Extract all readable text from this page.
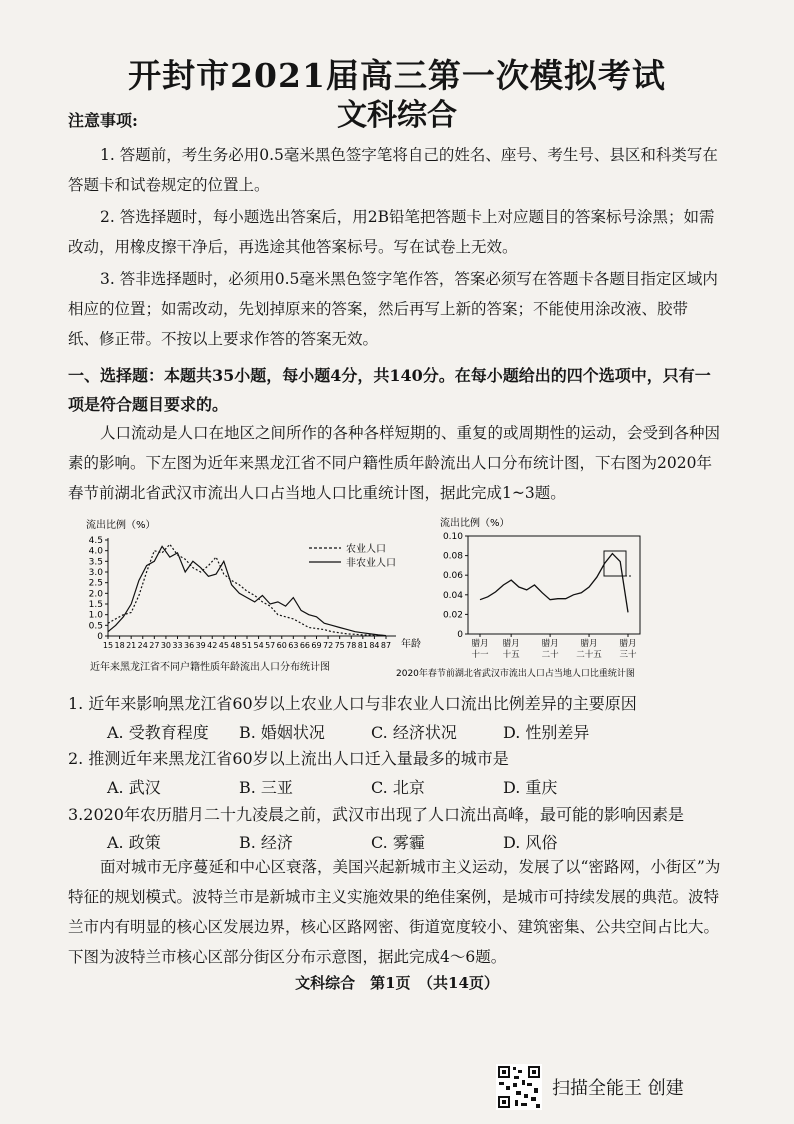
开封市2021届高三第一次模拟考试
文科综合
注意事项:

1. 答题前，考生务必用0.5毫米黑色签字笔将自己的姓名、座号、考生号、县区和科类写在答题卡和试卷规定的位置上。

2. 答选择题时，每小题选出答案后，用2B铅笔把答题卡上对应题目的答案标号涂黑；如需改动，用橡皮擦干净后，再选途其他答案标号。写在试卷上无效。

3. 答非选择题时，必须用0.5毫米黑色签字笔作答，答案必须写在答题卡各题目指定区域内相应的位置；如需改动，先划掉原来的答案，然后再写上新的答案；不能使用涂改液、胶带纸、修正带。不按以上要求作答的答案无效。

一、选择题：本题共35小题，每小题4分，共140分。在每小题给出的四个选项中，只有一项是符合题目要求的。

人口流动是人口在地区之间所作的各种各样短期的、重复的或周期性的运动，会受到各种因素的影响。下左图为近年来黑龙江省不同户籍性质年龄流出人口分布统计图，下右图为2020年春节前湖北省武汉市流出人口占当地人口比重统计图，据此完成1~3题。

流出比例（%）
0
0.5
1.0
1.5
2.0
2.5
3.0
3.5
4.0
4.5
15 18 21 24 27 30 33 36 39 42 45 48 51 54 57 60 63 66 69 72 75 78 81 84 87 年龄
农业人口
非农业人口
近年来黑龙江省不同户籍性质年龄流出人口分布统计图
流出比例（%）
0
0.02
0.04
0.06
0.08
0.10
腊月
十一
腊月
十五
腊月
二十
腊月
二十五
腊月
三十
2020年春节前湖北省武汉市流出人口占当地人口比重统计图
1. 近年来影响黑龙江省60岁以上农业人口与非农业人口流出比例差异的主要原因
A. 受教育程度	B. 婚姻状况	C. 经济状况	D. 性别差异
2. 推测近年来黑龙江省60岁以上流出人口迁入量最多的城市是
A. 武汉	B. 三亚	C. 北京	D. 重庆
3.2020年农历腊月二十九凌晨之前，武汉市出现了人口流出高峰，最可能的影响因素是
A. 政策	B. 经济	C. 雾霾	D. 风俗

面对城市无序蔓延和中心区衰落，美国兴起新城市主义运动，发展了以“密路网，小街区”为特征的规划模式。波特兰市是新城市主义实施效果的绝佳案例，是城市可持续发展的典范。波特兰市内有明显的核心区发展边界，核心区路网密、街道宽度较小、建筑密集、公共空间占比大。下图为波特兰市核心区部分街区分布示意图，据此完成4～6题。

文科综合　第1页　（共14页）
扫描全能王 创建
